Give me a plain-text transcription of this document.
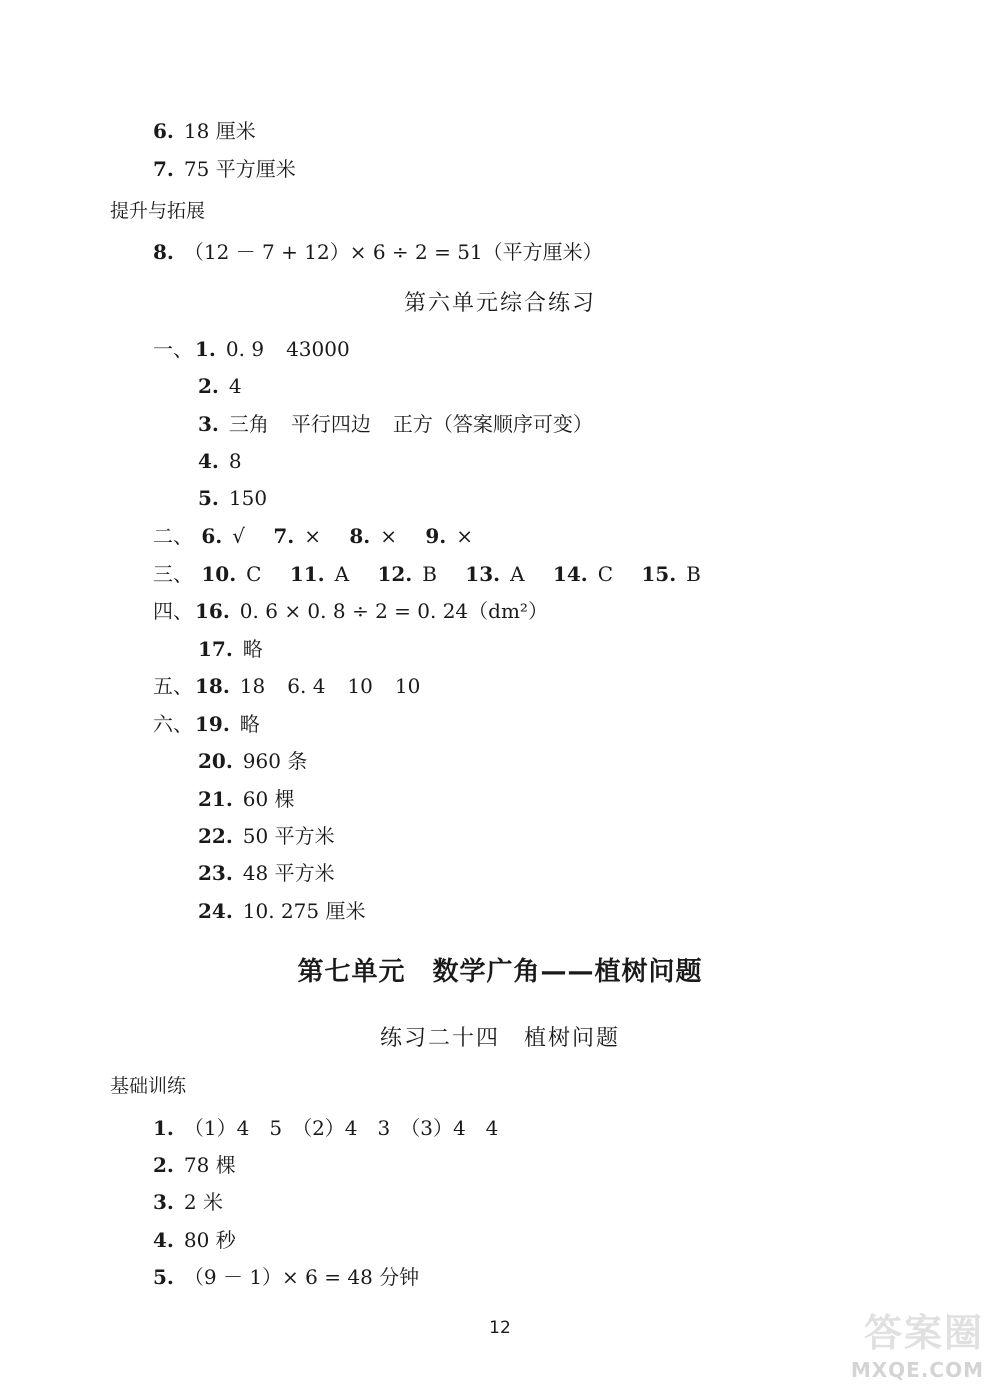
6. 18 厘米
7. 75 平方厘米
提升与拓展
8. （12 － 7 + 12）× 6 ÷ 2 = 51（平方厘米）
第六单元综合练习
一、 1. 0. 9 43000
2. 4
3. 三角 平行四边 正方（答案顺序可变）
4. 8
5. 150
二、 6. √ 7. × 8. × 9. ×
三、 10. C 11. A 12. B 13. A 14. C 15. B
四、 16. 0. 6 × 0. 8 ÷ 2 = 0. 24（dm²）
17. 略
五、 18. 18 6. 4 10 10
六、 19. 略
20. 960 条
21. 60 棵
22. 50 平方米
23. 48 平方米
24. 10. 275 厘米
第七单元　数学广角——植树问题
练习二十四　植树问题
基础训练
1. （1）4　5　（2）4　3　（3）4　4
2. 78 棵
3. 2 米
4. 80 秒
5. （9 － 1）× 6 = 48 分钟
12	答案圈
MXQE.COM
